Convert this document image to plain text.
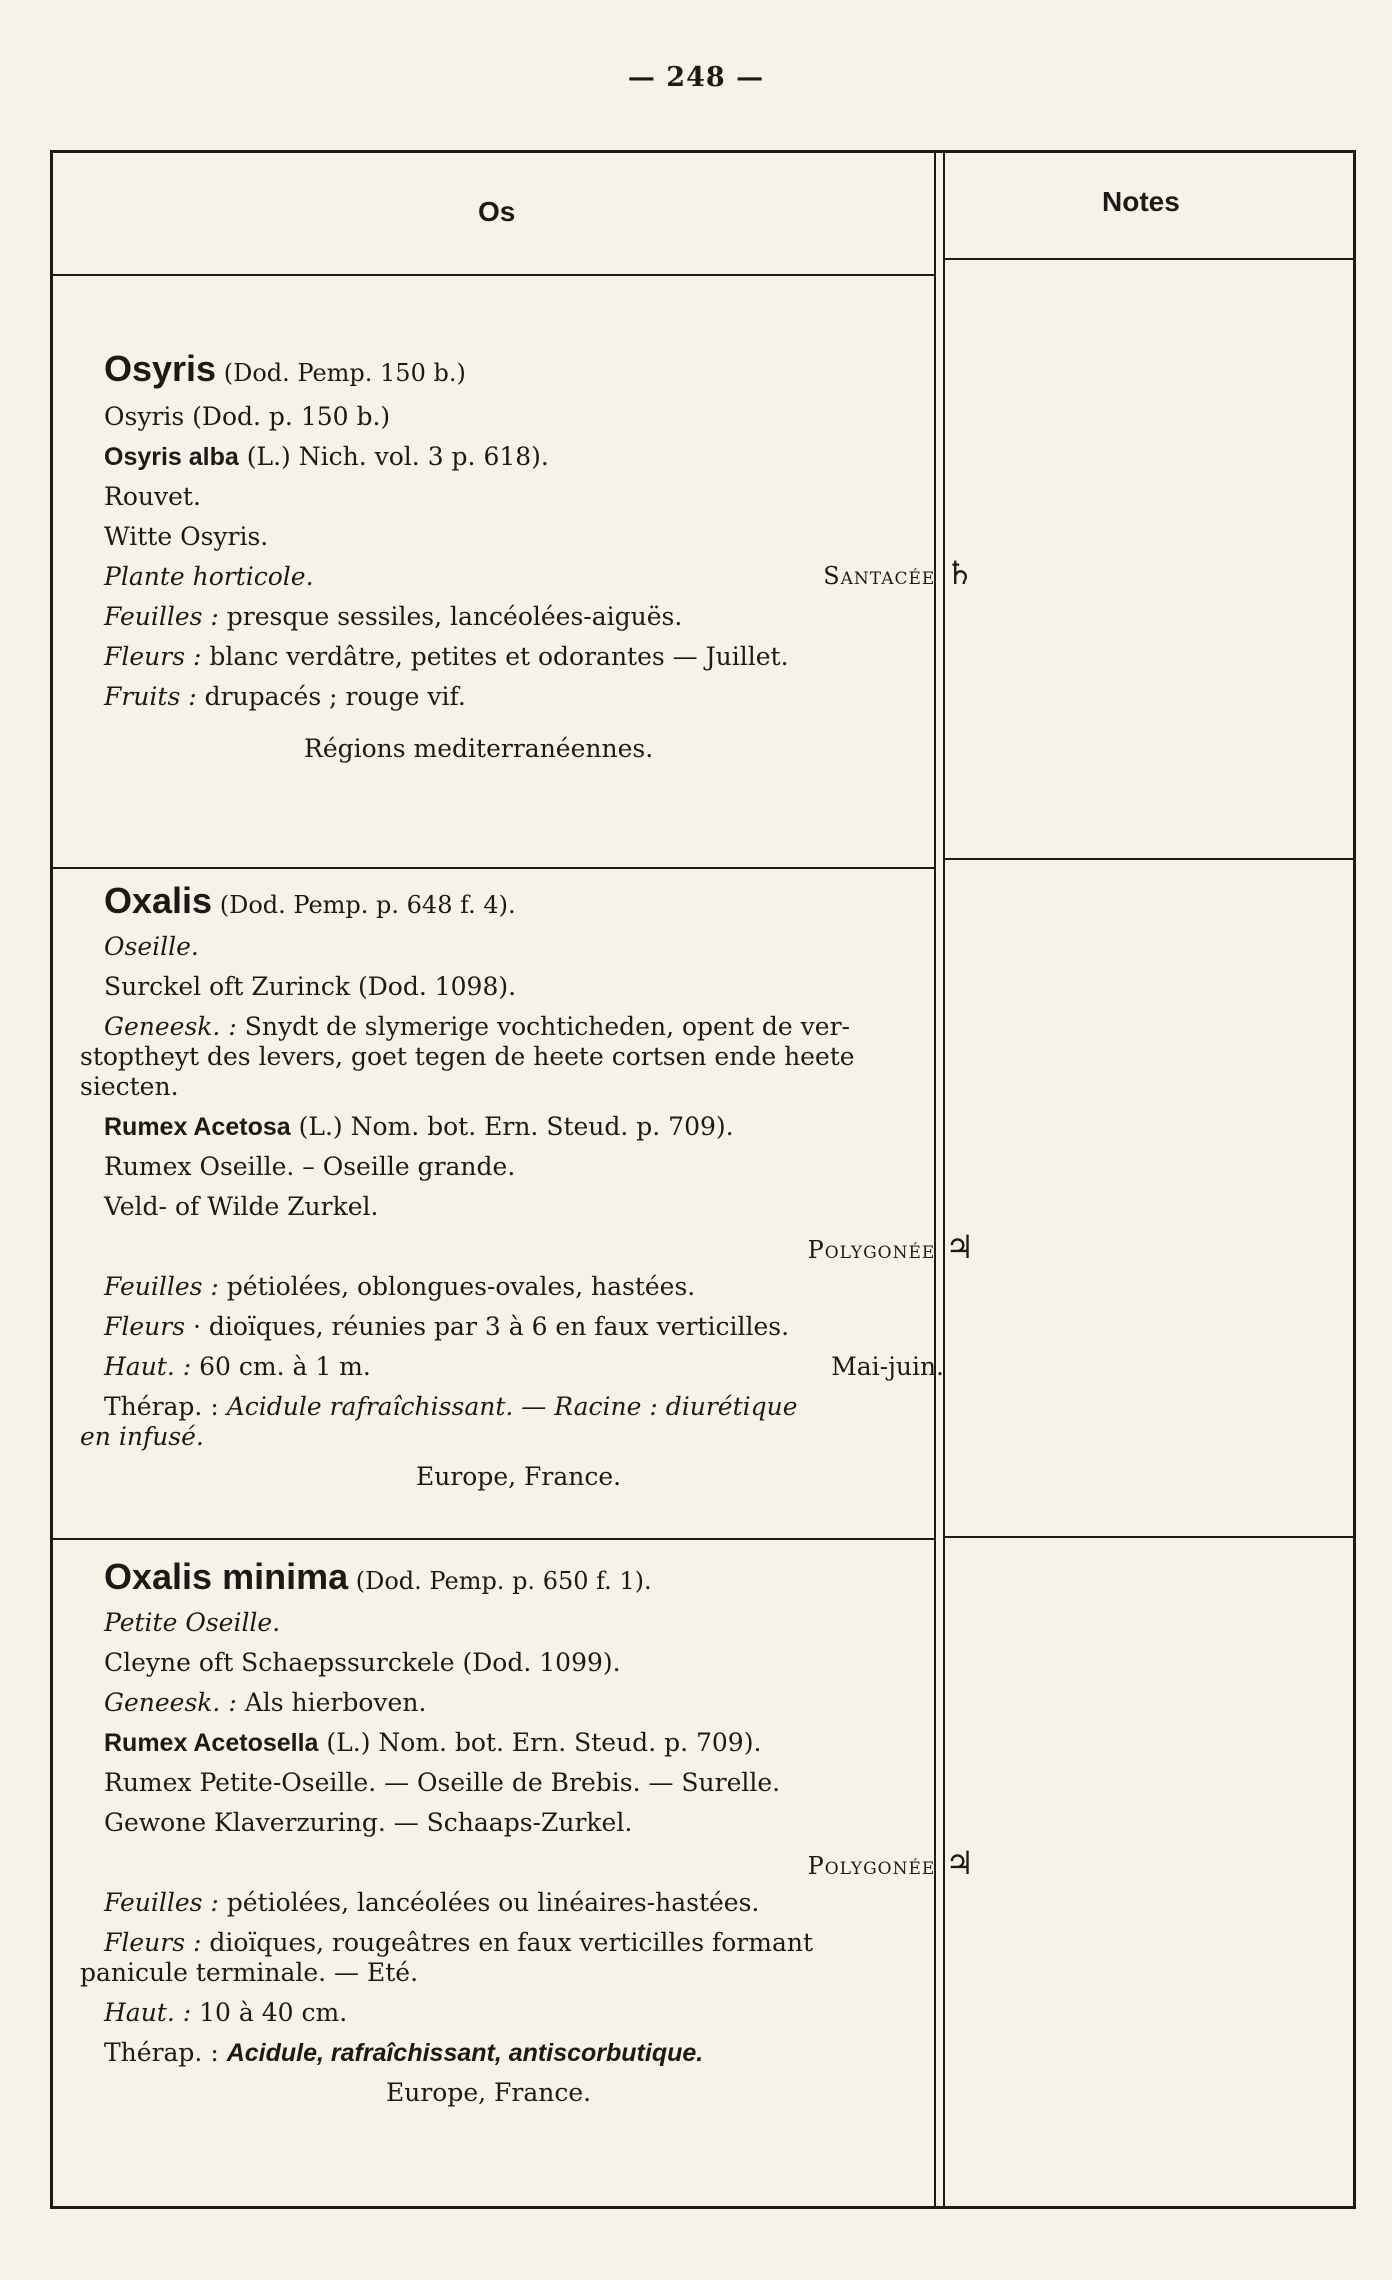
— 248 —
Os	Notes
Osyris (Dod. Pemp. 150 b.)
Osyris (Dod. p. 150 b.)
Osyris alba (L.) Nich. vol. 3 p. 618).
Rouvet.
Witte Osyris.
Plante horticole.	Santacée ♄
Feuilles : presque sessiles, lancéolées-aiguës.
Fleurs : blanc verdâtre, petites et odorantes — Juillet.
Fruits : drupacés ; rouge vif.
Régions mediterranéennes.
Oxalis (Dod. Pemp. p. 648 f. 4).
Oseille.
Surckel oft Zurinck (Dod. 1098).
Geneesk. : Snydt de slymerige vochticheden, opent de ver-
stoptheyt des levers, goet tegen de heete cortsen ende heete
siecten.
Rumex Acetosa (L.) Nom. bot. Ern. Steud. p. 709).
Rumex Oseille. – Oseille grande.
Veld- of Wilde Zurkel.
Polygonée ♃
Feuilles : pétiolées, oblongues-ovales, hastées.
Fleurs · dioïques, réunies par 3 à 6 en faux verticilles.
Haut. : 60 cm. à 1 m.	Mai-juin.
Thérap. : Acidule rafraîchissant. — Racine : diurétique
en infusé.
Europe, France.
Oxalis minima (Dod. Pemp. p. 650 f. 1).
Petite Oseille.
Cleyne oft Schaepssurckele (Dod. 1099).
Geneesk. : Als hierboven.
Rumex Acetosella (L.) Nom. bot. Ern. Steud. p. 709).
Rumex Petite-Oseille. — Oseille de Brebis. — Surelle.
Gewone Klaverzuring. — Schaaps-Zurkel.
Polygonée ♃
Feuilles : pétiolées, lancéolées ou linéaires-hastées.
Fleurs : dioïques, rougeâtres en faux verticilles formant
panicule terminale. — Eté.
Haut. : 10 à 40 cm.
Thérap. : Acidule, rafraîchissant, antiscorbutique.
Europe, France.
